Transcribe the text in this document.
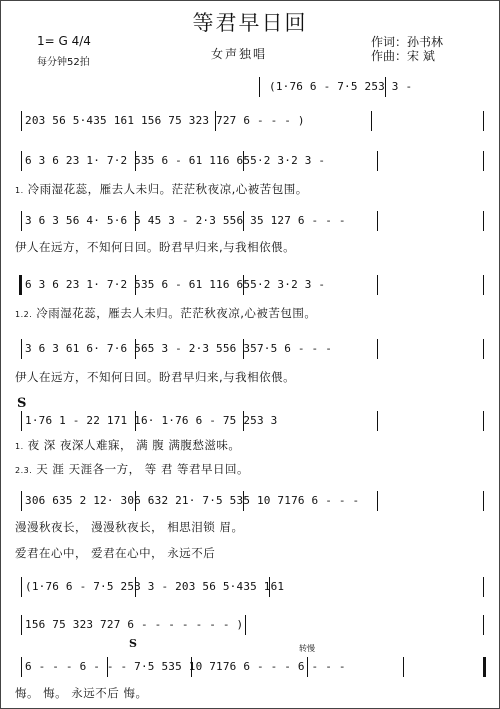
等君早日回
1= G 4/4
每分钟52拍
女声独唱
作词：孙书林
作曲：宋 斌
(1·76 6 - 7·5 253 3 -
203 56 5·435 161 156 75 323 727 6 - - - )
6 3 6 23 1· 7·2 535 6 - 61 116 655·2 3·2 3 -
1. 冷雨湿花蕊，雁去人未归。茫茫秋夜凉,心被苦包围。
3 6 3 56 4· 5·6 5 45 3 - 2·3 556 35 127 6 - - -
伊人在远方，不知何日回。盼君早归来,与我相依偎。
6 3 6 23 1· 7·2 535 6 - 61 116 655·2 3·2 3 -
1.2. 冷雨湿花蕊，雁去人未归。茫茫秋夜凉,心被苦包围。
3 6 3 61 6· 7·6 565 3 - 2·3 556 357·5 6 - - -
伊人在远方，不知何日回。盼君早归来,与我相依偎。
S
1·76 1 - 22 171 16· 1·76 6 - 75 253 3
1. 夜 深 夜深人难寐， 满 腹 满腹愁滋味。
2.3. 天 涯 天涯各一方， 等 君 等君早日回。
306 635 2 12· 306 632 21· 7·5 535 10 7176 6 - - -
漫漫秋夜长， 漫漫秋夜长， 相思泪锁 眉。
爱君在心中， 爱君在心中， 永远不后
(1·76 6 - 7·5 253 3 - 203 56 5·435 161
156 75 323 727 6 - - - - - - - )
S	转慢
6 - - - 6 - - - 7·5 535 10 7176 6 - - - 6 - - -
悔。 悔。 永远不后 悔。
